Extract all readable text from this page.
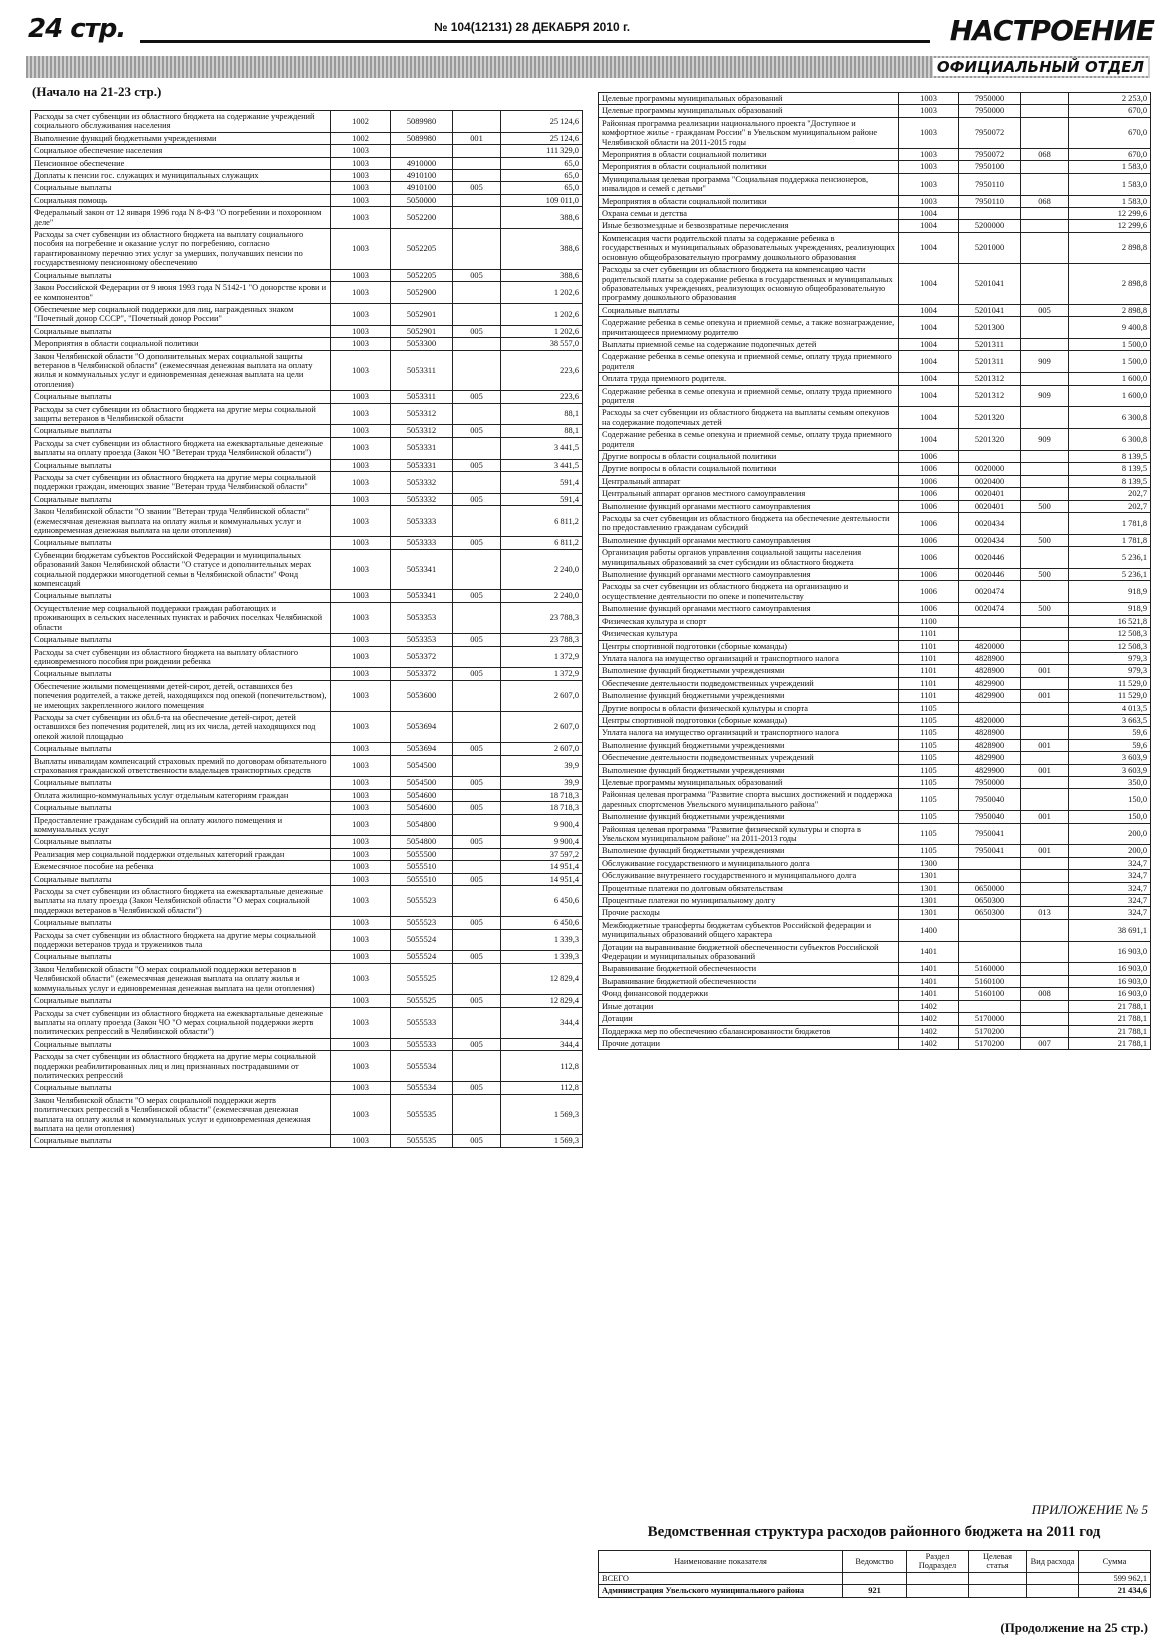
24 стр.	№ 104(12131) 28 ДЕКАБРЯ 2010 г.	НАСТРОЕНИЕ
ОФИЦИАЛЬНЫЙ ОТДЕЛ
(Начало на 21-23 стр.)
Расходы за счет субвенции из областного бюджета на содержание учреждений социального обслуживания населения	1002	5089980		25 124,6
Выполнение функций бюджетными учреждениями	1002	5089980	001	25 124,6
Социальное обеспечение населения	1003			111 329,0
Пенсионное обеспечение	1003	4910000		65,0
Доплаты к пенсии гос. служащих и муниципальных служащих	1003	4910100		65,0
Социальные выплаты	1003	4910100	005	65,0
Социальная помощь	1003	5050000		109 011,0
Федеральный закон от 12 января 1996 года N 8-ФЗ "О погребении и похоронном деле"	1003	5052200		388,6
Расходы за счет субвенции из областного бюджета на выплату социального пособия на погребение и оказание услуг по погребению, согласно гарантированному перечню этих услуг за умерших, получавших пенсии по государственному пенсионному обеспечению	1003	5052205		388,6
Социальные выплаты	1003	5052205	005	388,6
Закон Российской Федерации от 9 июня 1993 года N 5142-1 "О донорстве крови и ее компонентов"	1003	5052900		1 202,6
Обеспечение мер социальной поддержки для лиц, награжденных знаком "Почетный донор СССР", "Почетный донор России"	1003	5052901		1 202,6
Социальные выплаты	1003	5052901	005	1 202,6
Мероприятия в области социальной политики	1003	5053300		38 557,0
Закон Челябинской области "О дополнительных мерах социальной защиты ветеранов в Челябинской области" (ежемесячная денежная выплата на оплату жилья и коммунальных услуг и единовременная денежная выплата на цели отопления)	1003	5053311		223,6
Социальные выплаты	1003	5053311	005	223,6
Расходы за счет субвенции из областного бюджета на другие меры социальной защиты ветеранов в Челябинской области	1003	5053312		88,1
Социальные выплаты	1003	5053312	005	88,1
Расходы за счет субвенции из областного бюджета на ежеквартальные денежные выплаты на оплату проезда (Закон ЧО "Ветеран труда Челябинской области")	1003	5053331		3 441,5
Социальные выплаты	1003	5053331	005	3 441,5
Расходы за счет субвенции из областного бюджета на другие меры социальной поддержки граждан, имеющих звание "Ветеран труда Челябинской области"	1003	5053332		591,4
Социальные выплаты	1003	5053332	005	591,4
Закон Челябинской области "О звании "Ветеран труда Челябинской области" (ежемесячная денежная выплата на оплату жилья и коммунальных услуг и единовременная денежная выплата на цели отопления)	1003	5053333		6 811,2
Социальные выплаты	1003	5053333	005	6 811,2
Субвенции бюджетам субъектов Российской Федерации и муниципальных образований Закон Челябинской области "О статусе и дополнительных мерах социальной поддержки многодетной семьи в Челябинской области" Фонд компенсаций	1003	5053341		2 240,0
Социальные выплаты	1003	5053341	005	2 240,0
Осуществление мер социальной поддержки граждан работающих и проживающих в сельских населенных пунктах и рабочих поселках Челябинской области	1003	5053353		23 788,3
Социальные выплаты	1003	5053353	005	23 788,3
Расходы за счет субвенции из областного бюджета на выплату областного единовременного пособия при рождении ребенка	1003	5053372		1 372,9
Социальные выплаты	1003	5053372	005	1 372,9
Обеспечение жилыми помещениями детей-сирот, детей, оставшихся без попечения родителей, а также детей, находящихся под опекой (попечительством), не имеющих закрепленного жилого помещения	1003	5053600		2 607,0
Расходы за счет субвенции из обл.б-та на обеспечение детей-сирот, детей оставшихся без попечения родителей, лиц из их числа, детей находящихся под опекой жилой площадью	1003	5053694		2 607,0
Социальные выплаты	1003	5053694	005	2 607,0
Выплаты инвалидам компенсаций страховых премий по договорам обязательного страхования гражданской ответственности владельцев транспортных средств	1003	5054500		39,9
Социальные выплаты	1003	5054500	005	39,9
Оплата жилищно-коммунальных услуг отдельным категориям граждан	1003	5054600		18 718,3
Социальные выплаты	1003	5054600	005	18 718,3
Предоставление гражданам субсидий на оплату жилого помещения и коммунальных услуг	1003	5054800		9 900,4
Социальные выплаты	1003	5054800	005	9 900,4
Реализация мер социальной поддержки отдельных категорий граждан	1003	5055500		37 597,2
Ежемесячное пособие на ребенка	1003	5055510		14 951,4
Социальные выплаты	1003	5055510	005	14 951,4
Расходы за счет субвенции из областного бюджета на ежеквартальные денежные выплаты на плату проезда (Закон Челябинской области "О мерах социальной поддержки ветеранов в Челябинской области")	1003	5055523		6 450,6
Социальные выплаты	1003	5055523	005	6 450,6
Расходы за счет субвенции из областного бюджета на другие меры социальной поддержки ветеранов труда и тружеников тыла	1003	5055524		1 339,3
Социальные выплаты	1003	5055524	005	1 339,3
Закон Челябинской области "О мерах социальной поддержки ветеранов в Челябинской области" (ежемесячная денежная выплата на оплату жилья и коммунальных услуг и единовременная денежная выплата на цели отопления)	1003	5055525		12 829,4
Социальные выплаты	1003	5055525	005	12 829,4
Расходы за счет субвенции из областного бюджета на ежеквартальные денежные выплаты на оплату проезда (Закон ЧО "О мерах социальной поддержки жертв политических репрессий в Челябинской области")	1003	5055533		344,4
Социальные выплаты	1003	5055533	005	344,4
Расходы за счет субвенции из областного бюджета на другие меры социальной поддержки реабилитированных лиц и лиц признанных пострадавшими от политических репрессий	1003	5055534		112,8
Социальные выплаты	1003	5055534	005	112,8
Закон Челябинской области "О мерах социальной поддержки жертв политических репрессий в Челябинской области" (ежемесячная денежная выплата на оплату жилья и коммунальных услуг и единовременная денежная выплата на цели отопления)	1003	5055535		1 569,3
Социальные выплаты	1003	5055535	005	1 569,3
Целевые программы муниципальных образований	1003	7950000		2 253,0
Целевые программы муниципальных образований	1003	7950000		670,0
Районная программа реализации национального проекта "Доступное и комфортное жилье - гражданам России" в Увельском муниципальном районе Челябинской области на 2011-2015 годы	1003	7950072		670,0
Мероприятия в области социальной политики	1003	7950072	068	670,0
Мероприятия в области социальной политики	1003	7950100		1 583,0
Муниципальная целевая программа "Социальная поддержка пенсионеров, инвалидов и семей с детьми"	1003	7950110		1 583,0
Мероприятия в области социальной политики	1003	7950110	068	1 583,0
Охрана семьи и детства	1004			12 299,6
Иные безвозмездные и безвозвратные перечисления	1004	5200000		12 299,6
Компенсация части родительской платы за содержание ребенка в государственных и муниципальных образовательных учреждениях, реализующих основную общеобразовательную программу дошкольного образования	1004	5201000		2 898,8
Расходы за счет субвенции из областного бюджета на компенсацию части родительской платы за содержание ребенка в государственных и муниципальных образовательных учреждениях, реализующих основную общеобразовательную программу дошкольного образования	1004	5201041		2 898,8
Социальные выплаты	1004	5201041	005	2 898,8
Содержание ребенка в семье опекуна и приемной семье, а также вознаграждение, причитающееся приемному родителю	1004	5201300		9 400,8
Выплаты приемной семье на содержание подопечных детей	1004	5201311		1 500,0
Содержание ребенка в семье опекуна и приемной семье, оплату труда приемного родителя	1004	5201311	909	1 500,0
Оплата труда приемного родителя.	1004	5201312		1 600,0
Содержание ребенка в семье опекуна и приемной семье, оплату труда приемного родителя	1004	5201312	909	1 600,0
Расходы за счет субвенции из областного бюджета на выплаты семьям опекунов на содержание подопечных детей	1004	5201320		6 300,8
Содержание ребенка в семье опекуна и приемной семье, оплату труда приемного родителя	1004	5201320	909	6 300,8
Другие вопросы в области социальной политики	1006			8 139,5
Другие вопросы в области социальной политики	1006	0020000		8 139,5
Центральный аппарат	1006	0020400		8 139,5
Центральный аппарат органов местного самоуправления	1006	0020401		202,7
Выполнение функций органами местного самоуправления	1006	0020401	500	202,7
Расходы за счет субвенции из областного бюджета на обеспечение деятельности по предоставлению гражданам субсидий	1006	0020434		1 781,8
Выполнение функций органами местного самоуправления	1006	0020434	500	1 781,8
Организация работы органов управления социальной защиты населения муниципальных образований за счет субсидии из областного бюджета	1006	0020446		5 236,1
Выполнение функций органами местного самоуправления	1006	0020446	500	5 236,1
Расходы за счет субвенции из областного бюджета на организацию и осуществление деятельности по опеке и попечительству	1006	0020474		918,9
Выполнение функций органами местного самоуправления	1006	0020474	500	918,9
Физическая культура и спорт	1100			16 521,8
Физическая культура	1101			12 508,3
Центры спортивной подготовки (сборные команды)	1101	4820000		12 508,3
Уплата налога на имущество организаций и транспортного налога	1101	4828900		979,3
Выполнение функций бюджетными учреждениями	1101	4828900	001	979,3
Обеспечение деятельности подведомственных учреждений	1101	4829900		11 529,0
Выполнение функций бюджетными учреждениями	1101	4829900	001	11 529,0
Другие вопросы в области физической культуры и спорта	1105			4 013,5
Центры спортивной подготовки (сборные команды)	1105	4820000		3 663,5
Уплата налога на имущество организаций и транспортного налога	1105	4828900		59,6
Выполнение функций бюджетными учреждениями	1105	4828900	001	59,6
Обеспечение деятельности подведомственных учреждений	1105	4829900		3 603,9
Выполнение функций бюджетными учреждениями	1105	4829900	001	3 603,9
Целевые программы муниципальных образований	1105	7950000		350,0
Районная целевая программа "Развитие спорта высших достижений и поддержка даренных спортсменов Увельского муниципального района"	1105	7950040		150,0
Выполнение функций бюджетными учреждениями	1105	7950040	001	150,0
Районная целевая программа "Развитие физической культуры и спорта в Увельском муниципальном районе" на 2011-2013 годы	1105	7950041		200,0
Выполнение функций бюджетными учреждениями	1105	7950041	001	200,0
Обслуживание государственного и муниципального долга	1300			324,7
Обслуживание внутреннего государственного и муниципального долга	1301			324,7
Процентные платежи по долговым обязательствам	1301	0650000		324,7
Процентные платежи по муниципальному долгу	1301	0650300		324,7
Прочие расходы	1301	0650300	013	324,7
Межбюджетные трансферты бюджетам субъектов Российской федерации и муниципальных образований общего характера	1400			38 691,1
Дотации на выравнивание бюджетной обеспеченности субъектов Российской Федерации и муниципальных образований	1401			16 903,0
Выравнивание бюджетной обеспеченности	1401	5160000		16 903,0
Выравнивание бюджетной обеспеченности	1401	5160100		16 903,0
Фонд финансовой поддержки	1401	5160100	008	16 903,0
Иные дотации	1402			21 788,1
Дотации	1402	5170000		21 788,1
Поддержка мер по обеспечению сбалансированности бюджетов	1402	5170200		21 788,1
Прочие дотации	1402	5170200	007	21 788,1
ПРИЛОЖЕНИЕ № 5
Ведомственная структура расходов районного бюджета на 2011 год
Наименование показателя	Ведомство	Раздел Подраздел	Целевая статья	Вид расхода	Сумма
ВСЕГО					599 962,1
Администрация Увельского муниципального района	921				21 434,6
(Продолжение на 25 стр.)
